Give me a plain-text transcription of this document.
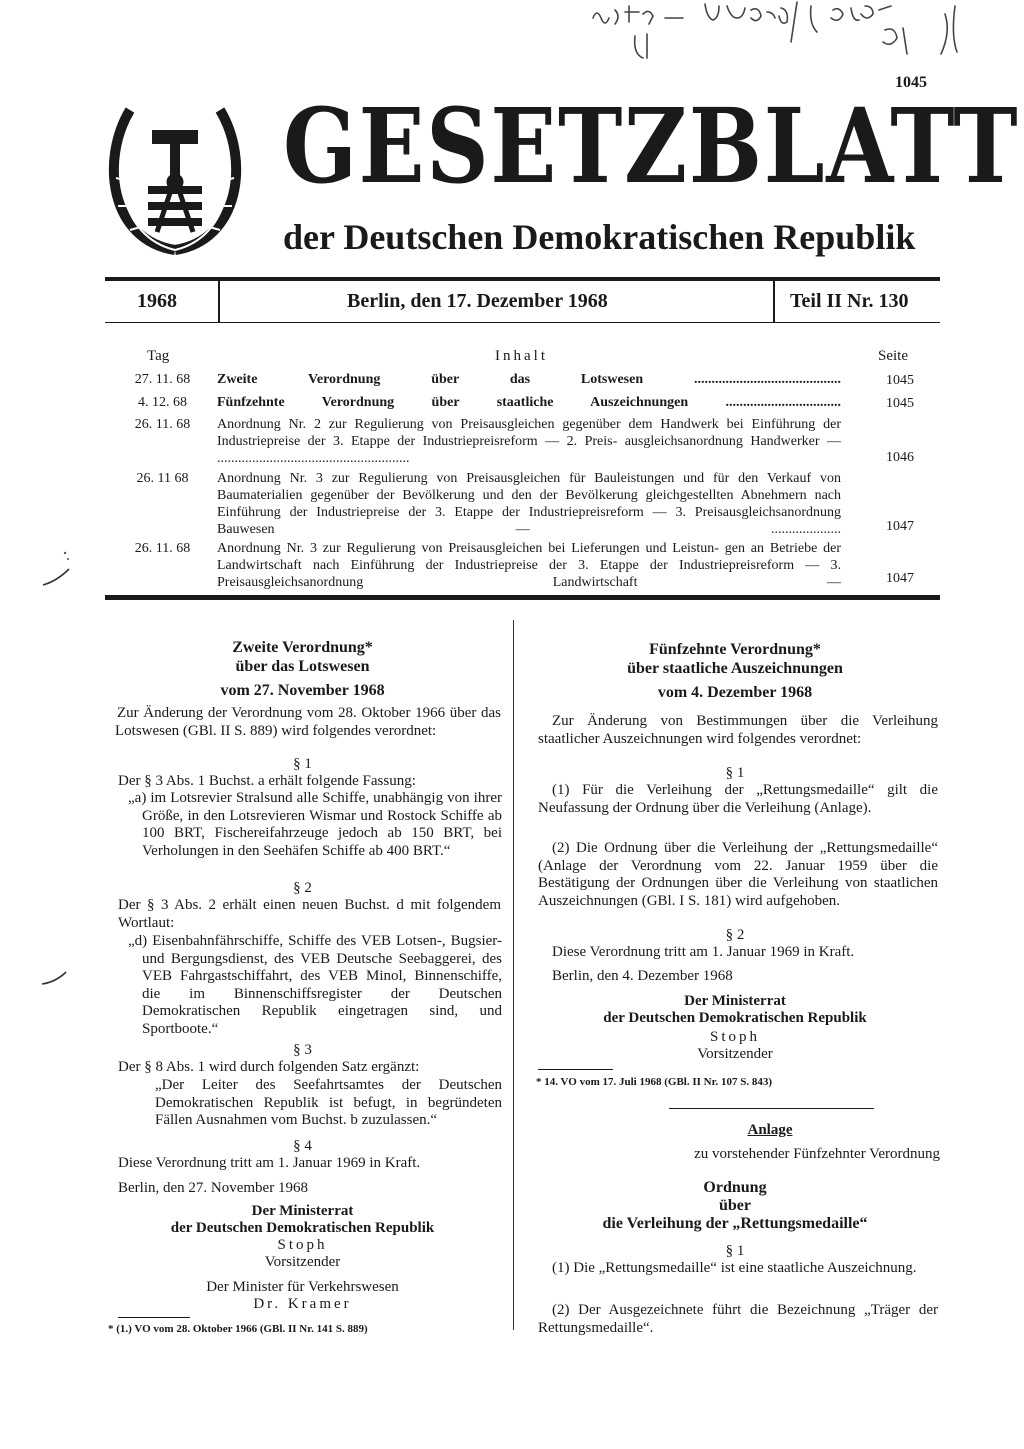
GESETZBLATT
der Deutschen Demokratischen Republik
1045
1968	Berlin, den 17. Dezember 1968	Teil II Nr. 130
Tag	Inhalt	Seite
27. 11. 68	Zweite Verordnung über das Lotswesen ..........................................	1045
4. 12. 68	Fünfzehnte Verordnung über staatliche Auszeichnungen .................................	1045
26. 11. 68	Anordnung Nr. 2 zur Regulierung von Preisausgleichen gegenüber dem Handwerk bei Einführung der Industriepreise der 3. Etappe der Industriepreisreform — 2. Preis- ausgleichsanordnung Handwerker — .......................................................	1046
26. 11 68	Anordnung Nr. 3 zur Regulierung von Preisausgleichen für Bauleistungen und für den Verkauf von Baumaterialien gegenüber der Bevölkerung und den der Bevölkerung gleichgestellten Abnehmern nach Einführung der Industriepreise der 3. Etappe der Industriepreisreform — 3. Preisausgleichsanordnung Bauwesen — ....................	1047
26. 11. 68	Anordnung Nr. 3 zur Regulierung von Preisausgleichen bei Lieferungen und Leistun- gen an Betriebe der Landwirtschaft nach Einführung der Industriepreise der 3. Etappe der Industriepreisreform — 3. Preisausgleichsanordnung Landwirtschaft —	1047
Zweite Verordnung*
über das Lotswesen
vom 27. November 1968
Zur Änderung der Verordnung vom 28. Oktober 1966 über das Lotswesen (GBl. II S. 889) wird folgendes verordnet:
§ 1
Der § 3 Abs. 1 Buchst. a erhält folgende Fassung:
„a) im Lotsrevier Stralsund alle Schiffe, unabhängig von ihrer Größe, in den Lotsrevieren Wismar und Rostock Schiffe ab 100 BRT, Fischereifahrzeuge jedoch ab 150 BRT, bei Verholungen in den Seehäfen Schiffe ab 400 BRT.“
§ 2
Der § 3 Abs. 2 erhält einen neuen Buchst. d mit folgendem Wortlaut:
„d) Eisenbahnfährschiffe, Schiffe des VEB Lotsen-, Bugsier- und Bergungsdienst, des VEB Deutsche Seebaggerei, des VEB Fahrgastschiffahrt, des VEB Minol, Binnenschiffe, die im Binnenschiffsregister der Deutschen Demokratischen Republik eingetragen sind, und Sportboote.“
§ 3
Der § 8 Abs. 1 wird durch folgenden Satz ergänzt:
„Der Leiter des Seefahrtsamtes der Deutschen Demokratischen Republik ist befugt, in begründeten Fällen Ausnahmen vom Buchst. b zuzulassen.“
§ 4
Diese Verordnung tritt am 1. Januar 1969 in Kraft.
Berlin, den 27. November 1968
Der Ministerrat
der Deutschen Demokratischen Republik
Stoph
Vorsitzender
Der Minister für Verkehrswesen
Dr. Kramer
* (1.) VO vom 28. Oktober 1966 (GBl. II Nr. 141 S. 889)
Fünfzehnte Verordnung*
über staatliche Auszeichnungen
vom 4. Dezember 1968
Zur Änderung von Bestimmungen über die Verleihung staatlicher Auszeichnungen wird folgendes verordnet:
§ 1
(1) Für die Verleihung der „Rettungsmedaille“ gilt die Neufassung der Ordnung über die Verleihung (Anlage).
(2) Die Ordnung über die Verleihung der „Rettungsmedaille“ (Anlage der Verordnung vom 22. Januar 1959 über die Bestätigung der Ordnungen über die Verleihung von staatlichen Auszeichnungen (GBl. I S. 181) wird aufgehoben.
§ 2
Diese Verordnung tritt am 1. Januar 1969 in Kraft.
Berlin, den 4. Dezember 1968
Der Ministerrat
der Deutschen Demokratischen Republik
Stoph
Vorsitzender
* 14. VO vom 17. Juli 1968 (GBl. II Nr. 107 S. 843)
Anlage
zu vorstehender Fünfzehnter Verordnung
Ordnung
über
die Verleihung der „Rettungsmedaille“
§ 1
(1) Die „Rettungsmedaille“ ist eine staatliche Auszeichnung.
(2) Der Ausgezeichnete führt die Bezeichnung „Träger der Rettungsmedaille“.
